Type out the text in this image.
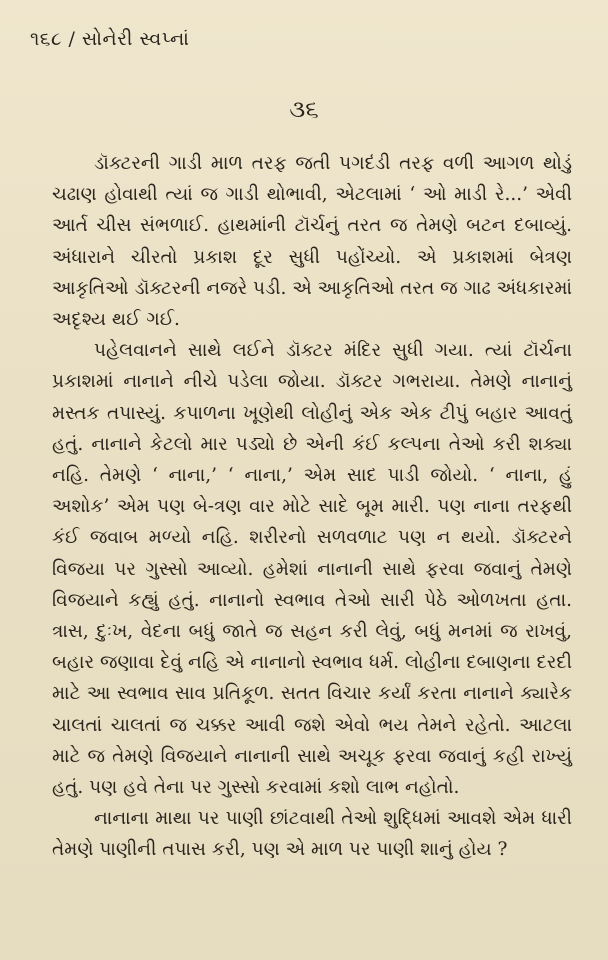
૧૬૮ / સોનેરી સ્વપ્નાં
૩૬

ડૉક્ટરની ગાડી માળ તરફ જતી પગદંડી તરફ વળી આગળ થોડું ચઢાણ હોવાથી ત્યાં જ ગાડી થોભાવી, એટલામાં ‘ ઓ માડી રે...’ એવી આર્ત ચીસ સંભળાઈ. હાથમાંની ટૉર્ચનું તરત જ તેમણે બટન દબાવ્યું. અંધારાને ચીરતો પ્રકાશ દૂર સુધી પહોંચ્યો. એ પ્રકાશમાં બેત્રણ આકૃતિઓ ડૉક્ટરની નજરે પડી. એ આકૃતિઓ તરત જ ગાઢ અંધકારમાં અદૃશ્ય થઈ ગઈ.

પહેલવાનને સાથે લઈને ડૉક્ટર મંદિર સુધી ગયા. ત્યાં ટૉર્ચના પ્રકાશમાં નાનાને નીચે પડેલા જોયા. ડૉક્ટર ગભરાયા. તેમણે નાનાનું મસ્તક તપાસ્યું. કપાળના ખૂણેથી લોહીનું એક એક ટીપું બહાર આવતું હતું. નાનાને કેટલો માર પડ્યો છે એની કંઈ કલ્પના તેઓ કરી શક્યા નહિ. તેમણે ‘ નાના,’ ‘ નાના,’ એમ સાદ પાડી જોયો. ‘ નાના, હું અશોક’ એમ પણ બે-ત્રણ વાર મોટે સાદે બૂમ મારી. પણ નાના તરફથી કંઈ જવાબ મળ્યો નહિ. શરીરનો સળવળાટ પણ ન થયો. ડૉક્ટરને વિજયા પર ગુસ્સો આવ્યો. હમેશાં નાનાની સાથે ફરવા જવાનું તેમણે વિજયાને કહ્યું હતું. નાનાનો સ્વભાવ તેઓ સારી પેઠે ઓળખતા હતા. ત્રાસ, દુઃખ, વેદના બધું જાતે જ સહન કરી લેવું, બધું મનમાં જ રાખવું, બહાર જણાવા દેવું નહિ એ નાનાનો સ્વભાવ ધર્મ. લોહીના દબાણના દરદી માટે આ સ્વભાવ સાવ પ્રતિકૂળ. સતત વિચાર કર્યાં કરતા નાનાને ક્યારેક ચાલતાં ચાલતાં જ ચક્કર આવી જશે એવો ભય તેમને રહેતો. આટલા માટે જ તેમણે વિજયાને નાનાની સાથે અચૂક ફરવા જવાનું કહી રાખ્યું હતું. પણ હવે તેના પર ગુસ્સો કરવામાં કશો લાભ નહોતો.

નાનાના માથા પર પાણી છાંટવાથી તેઓ શુદ્ધિમાં આવશે એમ ધારી તેમણે પાણીની તપાસ કરી, પણ એ માળ પર પાણી શાનું હોય ?
